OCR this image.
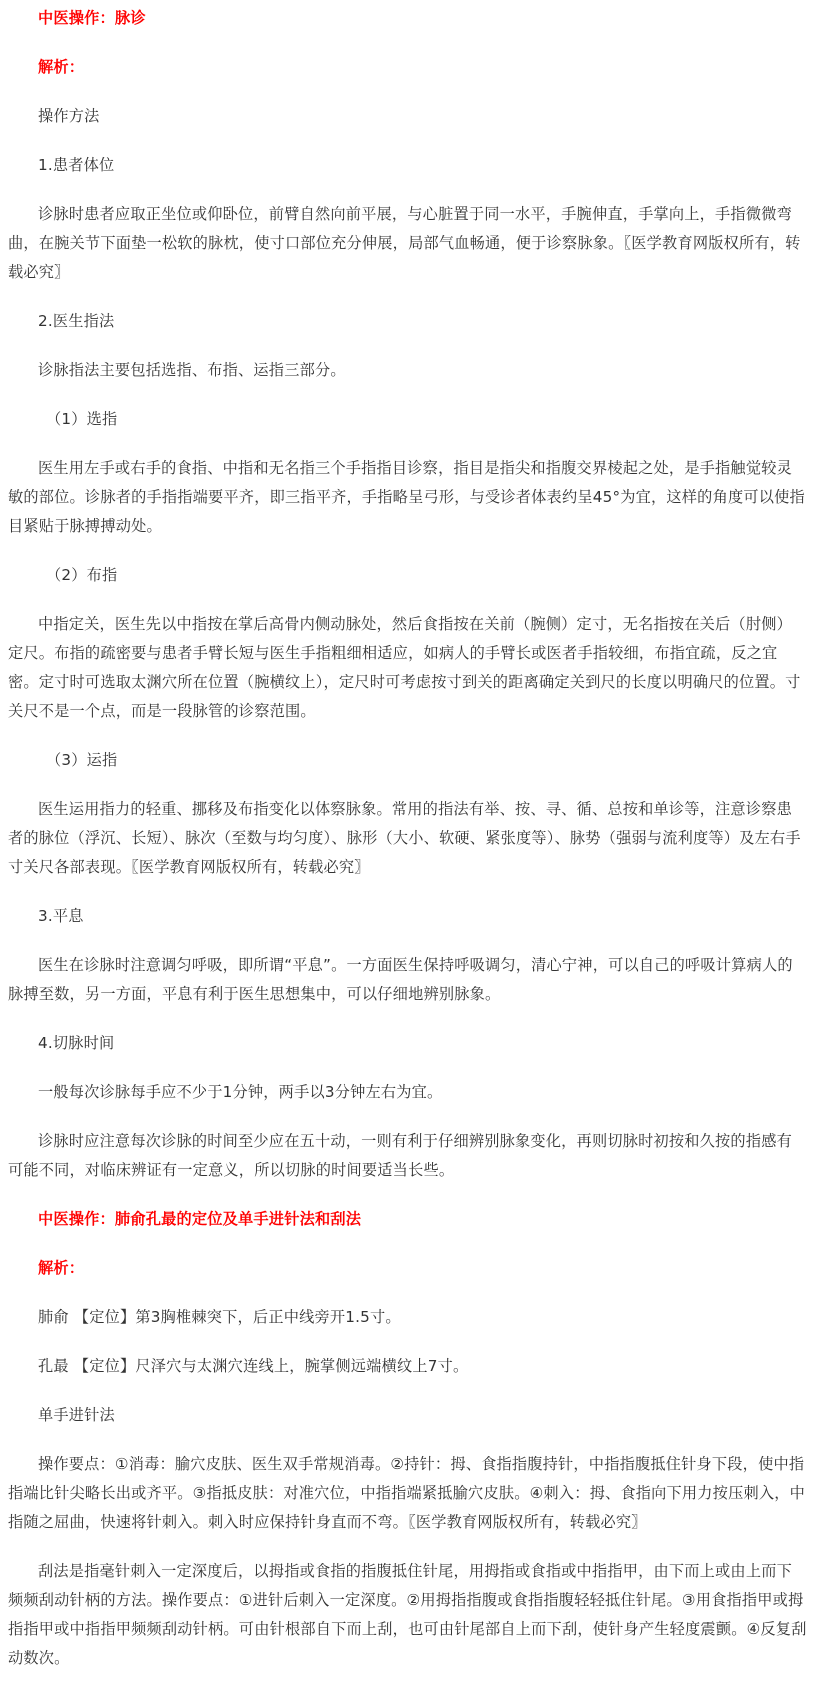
中医操作：脉诊

解析：

操作方法

1.患者体位

诊脉时患者应取正坐位或仰卧位，前臂自然向前平展，与心脏置于同一水平，手腕伸直，手掌向上，手指微微弯曲，在腕关节下面垫一松软的脉枕，使寸口部位充分伸展，局部气血畅通，便于诊察脉象。〖医学教育网版权所有，转载必究〗

2.医生指法

诊脉指法主要包括选指、布指、运指三部分。

（1）选指

医生用左手或右手的食指、中指和无名指三个手指指目诊察，指目是指尖和指腹交界棱起之处，是手指触觉较灵敏的部位。诊脉者的手指指端要平齐，即三指平齐，手指略呈弓形，与受诊者体表约呈45°为宜，这样的角度可以使指目紧贴于脉搏搏动处。

（2）布指

中指定关，医生先以中指按在掌后高骨内侧动脉处，然后食指按在关前（腕侧）定寸，无名指按在关后（肘侧）定尺。布指的疏密要与患者手臂长短与医生手指粗细相适应，如病人的手臂长或医者手指较细，布指宜疏，反之宜密。定寸时可选取太渊穴所在位置（腕横纹上），定尺时可考虑按寸到关的距离确定关到尺的长度以明确尺的位置。寸关尺不是一个点，而是一段脉管的诊察范围。

（3）运指

医生运用指力的轻重、挪移及布指变化以体察脉象。常用的指法有举、按、寻、循、总按和单诊等，注意诊察患者的脉位（浮沉、长短）、脉次（至数与均匀度）、脉形（大小、软硬、紧张度等）、脉势（强弱与流利度等）及左右手寸关尺各部表现。〖医学教育网版权所有，转载必究〗

3.平息

医生在诊脉时注意调匀呼吸，即所谓“平息”。一方面医生保持呼吸调匀，清心宁神，可以自己的呼吸计算病人的脉搏至数，另一方面，平息有利于医生思想集中，可以仔细地辨别脉象。

4.切脉时间

一般每次诊脉每手应不少于1分钟，两手以3分钟左右为宜。

诊脉时应注意每次诊脉的时间至少应在五十动，一则有利于仔细辨别脉象变化，再则切脉时初按和久按的指感有可能不同，对临床辨证有一定意义，所以切脉的时间要适当长些。

中医操作：肺俞孔最的定位及单手进针法和刮法

解析：

肺俞 【定位】第3胸椎棘突下，后正中线旁开1.5寸。

孔最 【定位】尺泽穴与太渊穴连线上，腕掌侧远端横纹上7寸。

单手进针法

操作要点：①消毒：腧穴皮肤、医生双手常规消毒。②持针：拇、食指指腹持针，中指指腹抵住针身下段，使中指指端比针尖略长出或齐平。③指抵皮肤：对准穴位，中指指端紧抵腧穴皮肤。④刺入：拇、食指向下用力按压刺入，中指随之屈曲，快速将针刺入。刺入时应保持针身直而不弯。〖医学教育网版权所有，转载必究〗

刮法是指毫针刺入一定深度后，以拇指或食指的指腹抵住针尾，用拇指或食指或中指指甲，由下而上或由上而下频频刮动针柄的方法。操作要点：①进针后刺入一定深度。②用拇指指腹或食指指腹轻轻抵住针尾。③用食指指甲或拇指指甲或中指指甲频频刮动针柄。可由针根部自下而上刮，也可由针尾部自上而下刮，使针身产生轻度震颤。④反复刮动数次。
